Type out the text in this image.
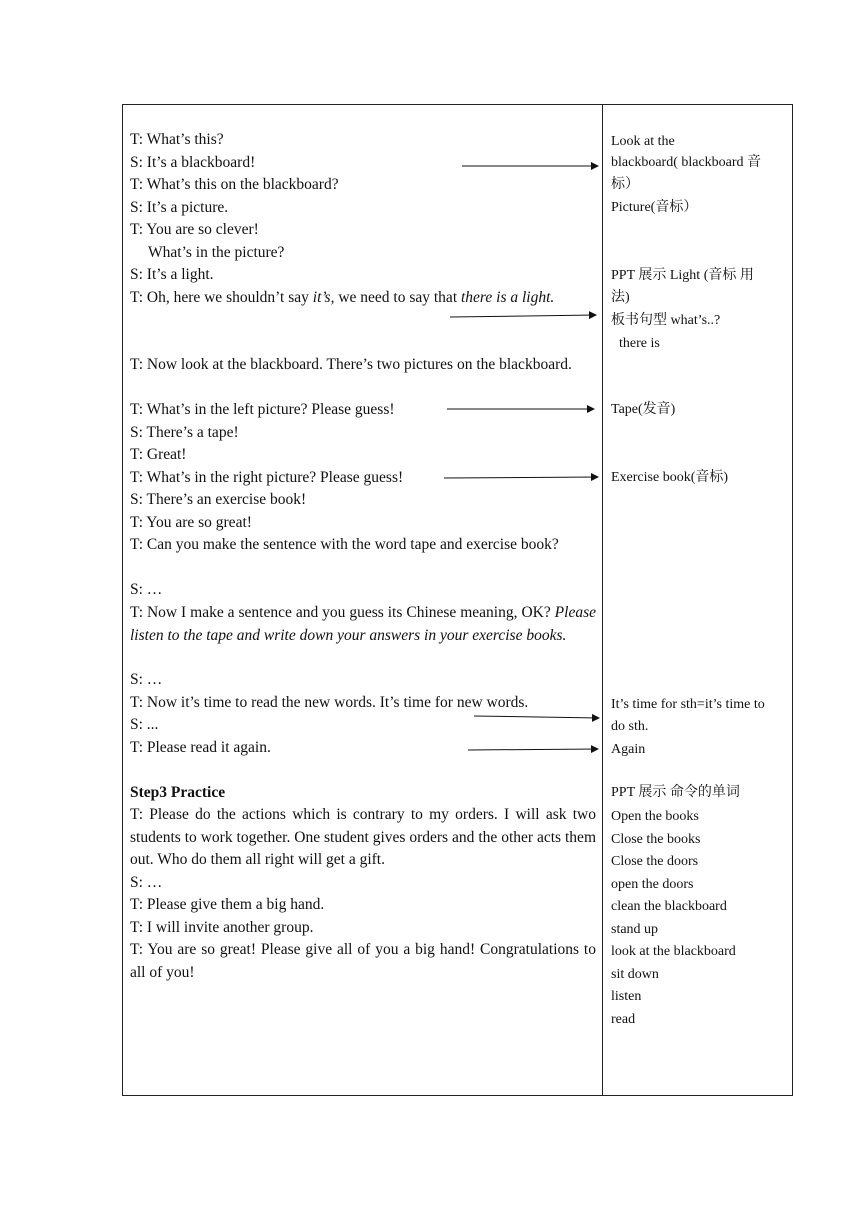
T: What’s this?
S: It’s a blackboard!
T: What’s this on the blackboard?
S: It’s a picture.
T: You are so clever!
What’s in the picture?
S: It’s a light.
T: Oh, here we shouldn’t say it’s, we need to say that there is a light.
T: Now look at the blackboard. There’s two pictures on the blackboard.
T: What’s in the left picture? Please guess!
S: There’s a tape!
T: Great!
T: What’s in the right picture? Please guess!
S: There’s an exercise book!
T: You are so great!
T: Can you make the sentence with the word tape and exercise book?
S: …
T: Now I make a sentence and you guess its Chinese meaning, OK? Please listen to the tape and write down your answers in your exercise books.
S: …
T: Now it’s time to read the new words. It’s time for new words.
S: ...
T: Please read it again.
Step3 Practice
T: Please do the actions which is contrary to my orders. I will ask two students to work together. One student gives orders and the other acts them out. Who do them all right will get a gift.
S: …
T: Please give them a big hand.
T: I will invite another group.
T: You are so great! Please give all of you a big hand! Congratulations to all of you!
Look at the
blackboard( blackboard 音
标）
Picture(音标）
PPT 展示 Light (音标 用
法)
板书句型 what’s..?
there is
Tape(发音)
Exercise book(音标)
It’s time for sth=it’s time to
do sth.
Again
PPT 展示 命令的单词
Open the books
Close the books
Close the doors
open the doors
clean the blackboard
stand up
look at the blackboard
sit down
listen
read
